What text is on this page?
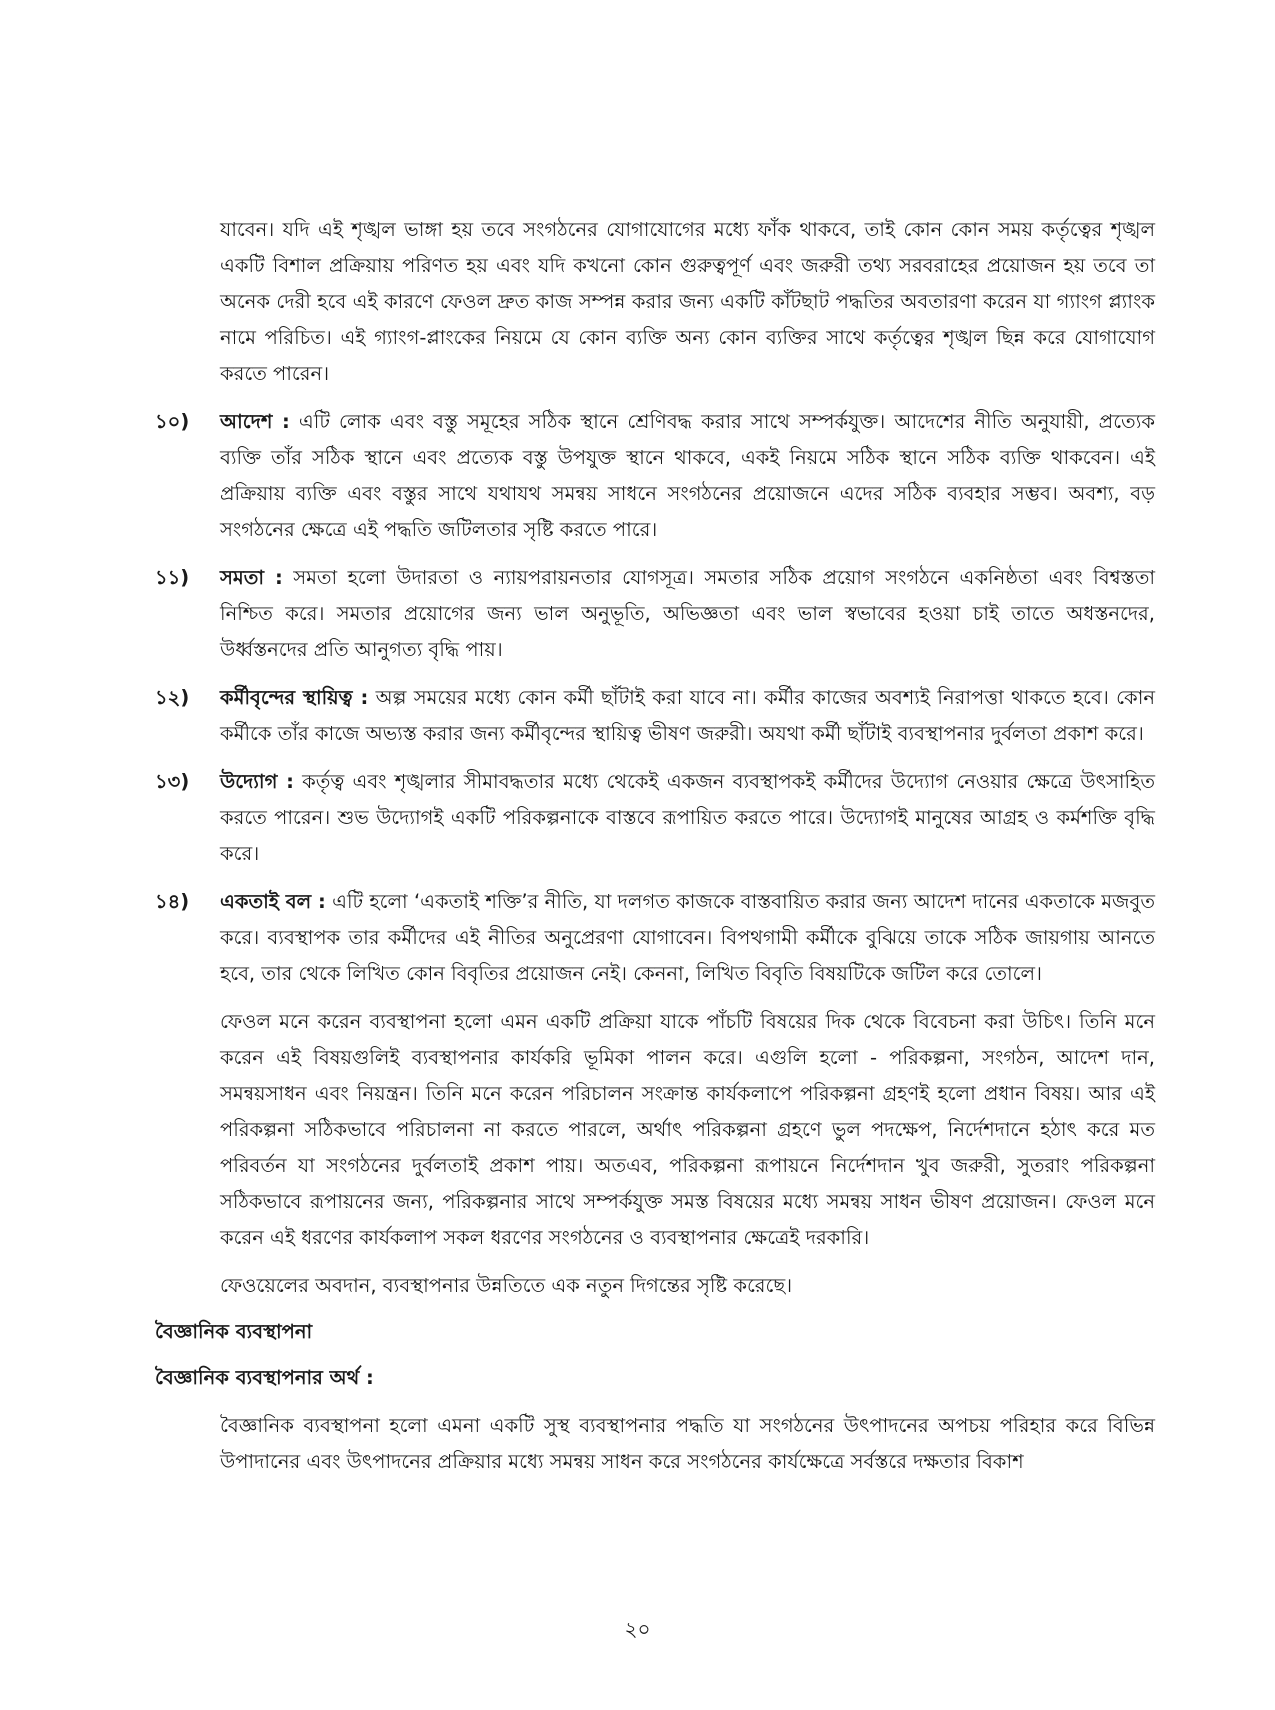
যাবেন। যদি এই শৃঙ্খল ভাঙ্গা হয় তবে সংগঠনের যোগাযোগের মধ্যে ফাঁক থাকবে, তাই কোন কোন সময় কর্তৃত্বের শৃঙ্খল একটি বিশাল প্রক্রিয়ায় পরিণত হয় এবং যদি কখনো কোন গুরুত্বপূর্ণ এবং জরুরী তথ্য সরবরাহের প্রয়োজন হয় তবে তা অনেক দেরী হবে এই কারণে ফেওল দ্রুত কাজ সম্পন্ন করার জন্য একটি কাঁটছাট পদ্ধতির অবতারণা করেন যা গ্যাংগ প্ল্যাংক নামে পরিচিত। এই গ্যাংগ-প্লাংকের নিয়মে যে কোন ব্যক্তি অন্য কোন ব্যক্তির সাথে কর্তৃত্বের শৃঙ্খল ছিন্ন করে যোগাযোগ করতে পারেন।

১০)	আদেশ : এটি লোক এবং বস্তু সমূহের সঠিক স্থানে শ্রেণিবদ্ধ করার সাথে সম্পর্কযুক্ত। আদেশের নীতি অনুযায়ী, প্রত্যেক ব্যক্তি তাঁর সঠিক স্থানে এবং প্রত্যেক বস্তু উপযুক্ত স্থানে থাকবে, একই নিয়মে সঠিক স্থানে সঠিক ব্যক্তি থাকবেন। এই প্রক্রিয়ায় ব্যক্তি এবং বস্তুর সাথে যথাযথ সমন্বয় সাধনে সংগঠনের প্রয়োজনে এদের সঠিক ব্যবহার সম্ভব। অবশ্য, বড় সংগঠনের ক্ষেত্রে এই পদ্ধতি জটিলতার সৃষ্টি করতে পারে।

১১)	সমতা : সমতা হলো উদারতা ও ন্যায়পরায়নতার যোগসূত্র। সমতার সঠিক প্রয়োগ সংগঠনে একনিষ্ঠতা এবং বিশ্বস্ততা নিশ্চিত করে। সমতার প্রয়োগের জন্য ভাল অনুভূতি, অভিজ্ঞতা এবং ভাল স্বভাবের হওয়া চাই তাতে অধস্তনদের, উর্ধ্বস্তনদের প্রতি আনুগত্য বৃদ্ধি পায়।

১২)	কর্মীবৃন্দের স্থায়িত্ব : অল্প সময়ের মধ্যে কোন কর্মী ছাঁটাই করা যাবে না। কর্মীর কাজের অবশ্যই নিরাপত্তা থাকতে হবে। কোন কর্মীকে তাঁর কাজে অভ্যস্ত করার জন্য কর্মীবৃন্দের স্থায়িত্ব ভীষণ জরুরী। অযথা কর্মী ছাঁটাই ব্যবস্থাপনার দুর্বলতা প্রকাশ করে।

১৩)	উদ্যোগ : কর্তৃত্ব এবং শৃঙ্খলার সীমাবদ্ধতার মধ্যে থেকেই একজন ব্যবস্থাপকই কর্মীদের উদ্যোগ নেওয়ার ক্ষেত্রে উৎসাহিত করতে পারেন। শুভ উদ্যোগই একটি পরিকল্পনাকে বাস্তবে রূপায়িত করতে পারে। উদ্যোগই মানুষের আগ্রহ ও কর্মশক্তি বৃদ্ধি করে।

১৪)	একতাই বল : এটি হলো ‘একতাই শক্তি’র নীতি, যা দলগত কাজকে বাস্তবায়িত করার জন্য আদেশ দানের একতাকে মজবুত করে। ব্যবস্থাপক তার কর্মীদের এই নীতির অনুপ্রেরণা যোগাবেন। বিপথগামী কর্মীকে বুঝিয়ে তাকে সঠিক জায়গায় আনতে হবে, তার থেকে লিখিত কোন বিবৃতির প্রয়োজন নেই। কেননা, লিখিত বিবৃতি বিষয়টিকে জটিল করে তোলে।

ফেওল মনে করেন ব্যবস্থাপনা হলো এমন একটি প্রক্রিয়া যাকে পাঁচটি বিষয়ের দিক থেকে বিবেচনা করা উচিৎ। তিনি মনে করেন এই বিষয়গুলিই ব্যবস্থাপনার কার্যকরি ভূমিকা পালন করে। এগুলি হলো - পরিকল্পনা, সংগঠন, আদেশ দান, সমন্বয়সাধন এবং নিয়ন্ত্রন। তিনি মনে করেন পরিচালন সংক্রান্ত কার্যকলাপে পরিকল্পনা গ্রহণই হলো প্রধান বিষয়। আর এই পরিকল্পনা সঠিকভাবে পরিচালনা না করতে পারলে, অর্থাৎ পরিকল্পনা গ্রহণে ভুল পদক্ষেপ, নির্দেশদানে হঠাৎ করে মত পরিবর্তন যা সংগঠনের দুর্বলতাই প্রকাশ পায়। অতএব, পরিকল্পনা রূপায়নে নির্দেশদান খুব জরুরী, সুতরাং পরিকল্পনা সঠিকভাবে রূপায়নের জন্য, পরিকল্পনার সাথে সম্পর্কযুক্ত সমস্ত বিষয়ের মধ্যে সমন্বয় সাধন ভীষণ প্রয়োজন। ফেওল মনে করেন এই ধরণের কার্যকলাপ সকল ধরণের সংগঠনের ও ব্যবস্থাপনার ক্ষেত্রেই দরকারি।

ফেওয়েলের অবদান, ব্যবস্থাপনার উন্নতিতে এক নতুন দিগন্তের সৃষ্টি করেছে।

বৈজ্ঞানিক ব্যবস্থাপনা

বৈজ্ঞানিক ব্যবস্থাপনার অর্থ :

বৈজ্ঞানিক ব্যবস্থাপনা হলো এমনা একটি সুস্থ ব্যবস্থাপনার পদ্ধতি যা সংগঠনের উৎপাদনের অপচয় পরিহার করে বিভিন্ন উপাদানের এবং উৎপাদনের প্রক্রিয়ার মধ্যে সমন্বয় সাধন করে সংগঠনের কার্যক্ষেত্রে সর্বস্তরে দক্ষতার বিকাশ

২০
